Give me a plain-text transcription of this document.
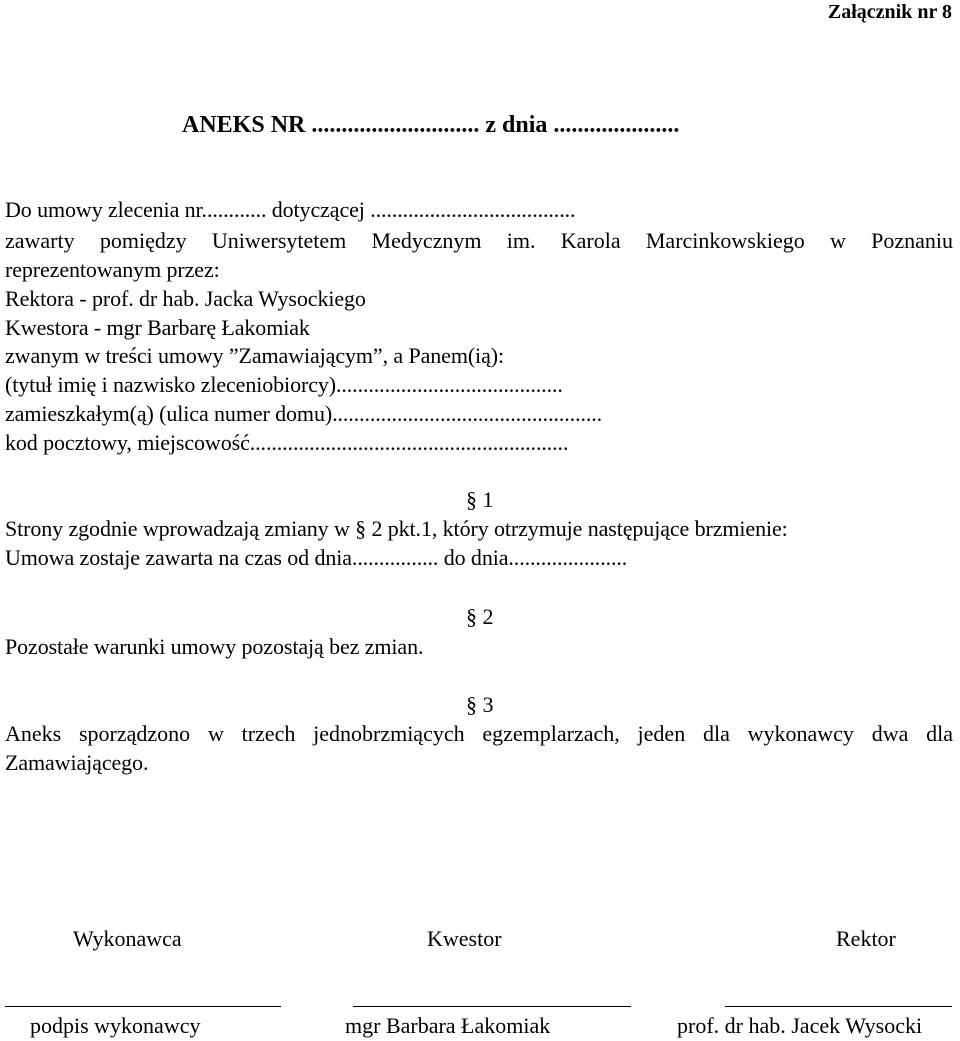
Załącznik nr 8
ANEKS NR ............................ z dnia .....................
Do umowy zlecenia nr............ dotyczącej ......................................
zawarty pomiędzy Uniwersytetem Medycznym im. Karola Marcinkowskiego w Poznaniu
reprezentowanym przez:
Rektora - prof. dr hab. Jacka Wysockiego
Kwestora - mgr Barbarę Łakomiak
zwanym w treści umowy ”Zamawiającym”, a Panem(ią):
(tytuł imię i nazwisko zleceniobiorcy)..........................................
zamieszkałym(ą) (ulica numer domu)..................................................
kod pocztowy, miejscowość...........................................................
§ 1
Strony zgodnie wprowadzają zmiany w § 2 pkt.1, który otrzymuje następujące brzmienie:
Umowa zostaje zawarta na czas od dnia................ do dnia......................
§ 2
Pozostałe warunki umowy pozostają bez zmian.
§ 3
Aneks sporządzono w trzech jednobrzmiących egzemplarzach, jeden dla wykonawcy dwa dla
Zamawiającego.
Wykonawca	Kwestor	Rektor
podpis wykonawcy	mgr Barbara Łakomiak	prof. dr hab. Jacek Wysocki
